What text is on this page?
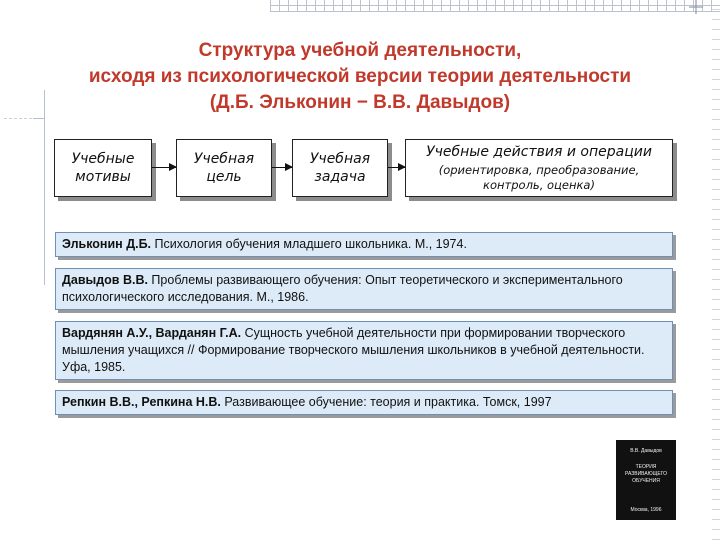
Структура учебной деятельности,
исходя из психологической версии теории деятельности
(Д.Б. Эльконин − В.В. Давыдов)
Учебные мотивы
Учебная цель
Учебная задача
Учебные действия и операции
(ориентировка, преобразование, контроль, оценка)
Эльконин Д.Б. Психология обучения младшего школьника. М., 1974.
Давыдов В.В. Проблемы развивающего обучения: Опыт теоретического и экспериментального психологического исследования. М., 1986.
Вардянян А.У., Варданян Г.А. Сущность учебной деятельности при формировании творческого мышления учащихся // Формирование творческого мышления школьников в учебной деятельности. Уфа, 1985.
Репкин В.В., Репкина Н.В. Развивающее обучение: теория и практика. Томск, 1997
В.В. Давыдов
ТЕОРИЯ
РАЗВИВАЮЩЕГО
ОБУЧЕНИЯ
Москва, 1996
